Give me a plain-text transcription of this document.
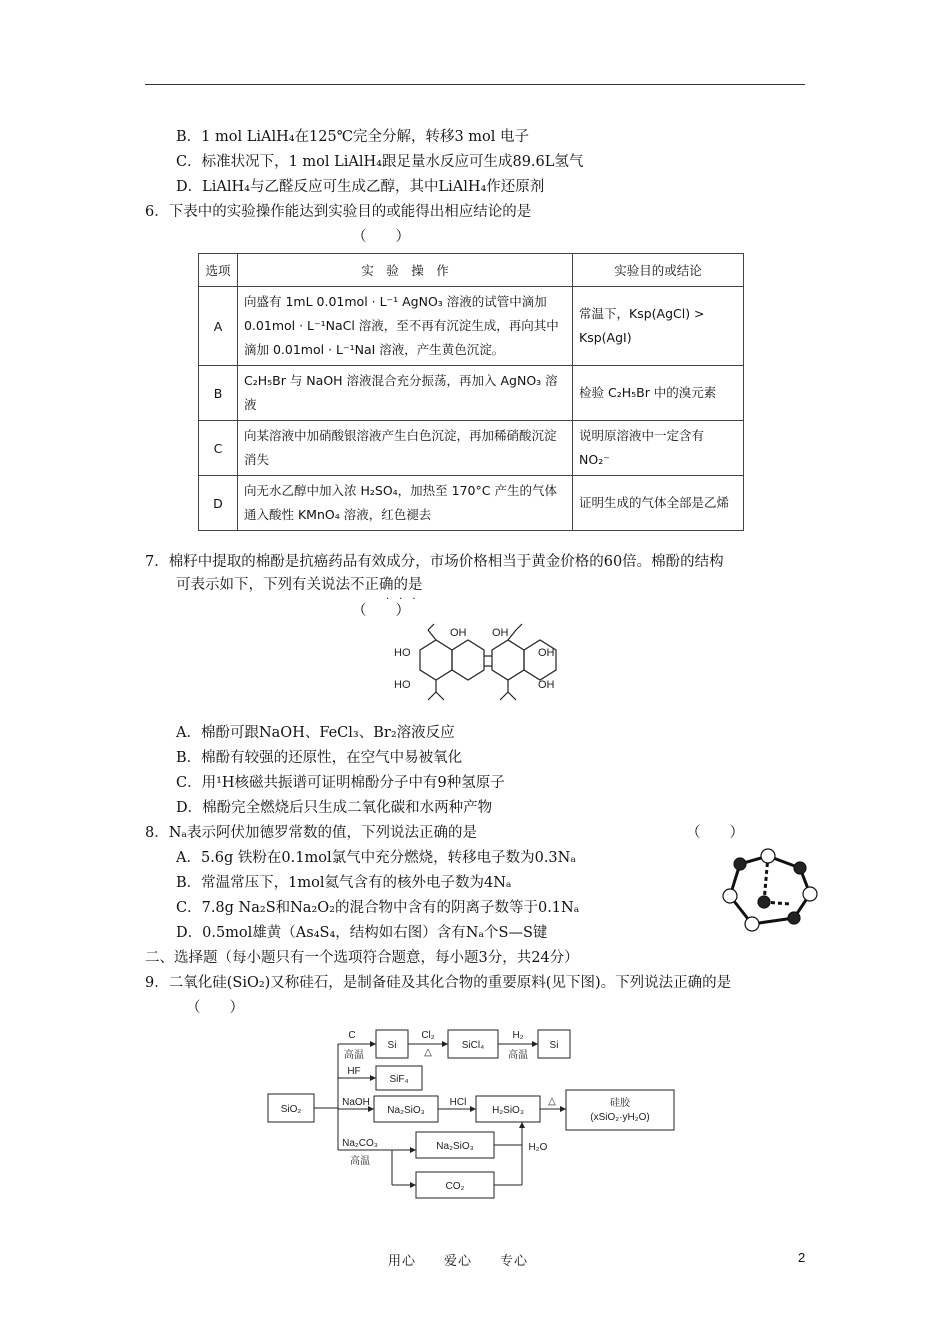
B．1 mol LiAlH₄在125℃完全分解，转移3 mol 电子
C．标准状况下，1 mol LiAlH₄跟足量水反应可生成89.6L氢气
D．LiAlH₄与乙醛反应可生成乙醇，其中LiAlH₄作还原剂
6．下表中的实验操作能达到实验目的或能得出相应结论的是
（　　）
选项	实　验　操　作	实验目的或结论
A	向盛有 1mL 0.01mol · L⁻¹ AgNO₃ 溶液的试管中滴加 0.01mol · L⁻¹NaCl 溶液，至不再有沉淀生成，再向其中滴加 0.01mol · L⁻¹NaI 溶液，产生黄色沉淀。	常温下，Ksp(AgCl) > Ksp(AgI)
B	C₂H₅Br 与 NaOH 溶液混合充分振荡，再加入 AgNO₃ 溶液	检验 C₂H₅Br 中的溴元素
C	向某溶液中加硝酸银溶液产生白色沉淀，再加稀硝酸沉淀消失	说明原溶液中一定含有 NO₂⁻
D	向无水乙醇中加入浓 H₂SO₄，加热至 170°C 产生的气体通入酸性 KMnO₄ 溶液，红色褪去	证明生成的气体全部是乙烯
7．棉籽中提取的棉酚是抗癌药品有效成分，市场价格相当于黄金价格的60倍。棉酚的结构
可表示如下，下列有关说法不正确的是
···
（　　）
OH OH
OH
OH
HO
HO
A．棉酚可跟NaOH、FeCl₃、Br₂溶液反应
B．棉酚有较强的还原性，在空气中易被氧化
C．用¹H核磁共振谱可证明棉酚分子中有9种氢原子
D．棉酚完全燃烧后只生成二氧化碳和水两种产物
8．Nₐ表示阿伏加德罗常数的值，下列说法正确的是	（　　）
A．5.6g 铁粉在0.1mol氯气中充分燃烧，转移电子数为0.3Nₐ
B．常温常压下，1mol氦气含有的核外电子数为4Nₐ
C．7.8g Na₂S和Na₂O₂的混合物中含有的阴离子数等于0.1Nₐ
D．0.5mol雄黄（As₄S₄，结构如右图）含有Nₐ个S—S键
二、选择题（每小题只有一个选项符合题意，每小题3分，共24分）
9．二氧化硅(SiO₂)又称硅石，是制备硅及其化合物的重要原料(见下图)。下列说法正确的是
（　　）
SiO₂
Si	SiCl₄	Si
SiF₄
Na₂SiO₃	H₂SiO₃
硅胶
(xSiO₂·yH₂O)
Na₂SiO₃
CO₂
C
高温
Cl₂
△
H₂
高温
HF
NaOH	HCl	△
Na₂CO₃
高温
H₂O
用心　　爱心　　专心	2
